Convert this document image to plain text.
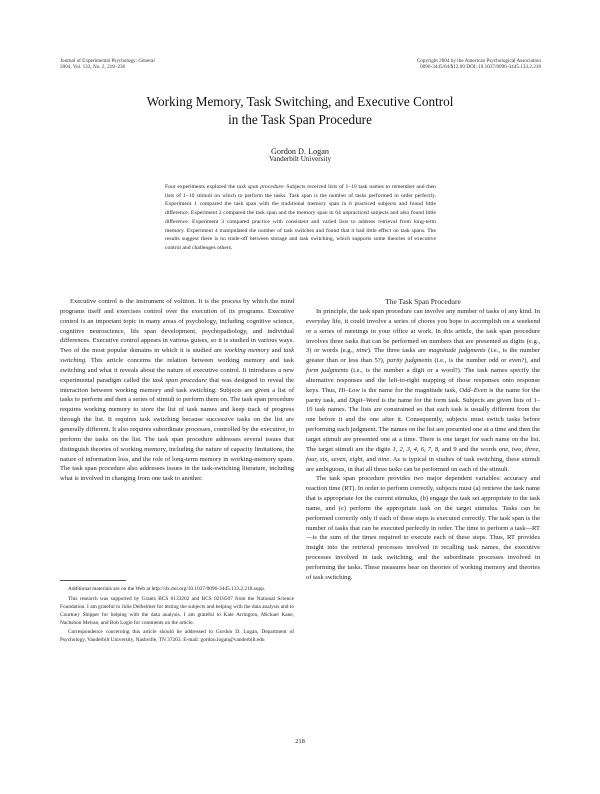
Journal of Experimental Psychology: General
2004, Vol. 133, No. 2, 218–236
Copyright 2004 by the American Psychological Association
0096-3445/04/$12.00 DOI: 10.1037/0096-3445.133.2.218
Working Memory, Task Switching, and Executive Control
in the Task Span Procedure
Gordon D. Logan
Vanderbilt University
Four experiments explored the task span procedure: Subjects received lists of 1–10 task names to remember and then lists of 1–10 stimuli on which to perform the tasks. Task span is the number of tasks performed in order perfectly. Experiment 1 compared the task span with the traditional memory span in 6 practiced subjects and found little difference. Experiment 2 compared the task span and the memory span in 64 unpracticed subjects and also found little difference. Experiment 3 compared practice with consistent and varied lists to address retrieval from long-term memory. Experiment 4 manipulated the number of task switches and found that it had little effect on task spans. The results suggest there is no trade-off between storage and task switching, which supports some theories of executive control and challenges others.

Executive control is the instrument of volition. It is the process by which the mind programs itself and exercises control over the execution of its programs. Executive control is an important topic in many areas of psychology, including cognitive science, cognitive neuroscience, life span development, psychopathology, and individual differences. Executive control appears in various guises, so it is studied in various ways. Two of the most popular domains in which it is studied are working memory and task switching. This article concerns the relation between working memory and task switching and what it reveals about the nature of executive control. It introduces a new experimental paradigm called the task span procedure that was designed to reveal the interaction between working memory and task switching: Subjects are given a list of tasks to perform and then a series of stimuli to perform them on. The task span procedure requires working memory to store the list of task names and keep track of progress through the list. It requires task switching because successive tasks on the list are generally different. It also requires subordinate processes, controlled by the executive, to perform the tasks on the list. The task span procedure addresses several issues that distinguish theories of working memory, including the nature of capacity limitations, the nature of information loss, and the role of long-term memory in working-memory spans. The task span procedure also addresses issues in the task-switching literature, including what is involved in changing from one task to another.

Additional materials are on the Web at http://dx.doi.org/10.1037/0096-3445.133.2.218.supp.

This research was supported by Grants BCS 0133202 and BCS 0218507 from the National Science Foundation. I am grateful to Julie Delheimer for testing the subjects and helping with the data analysis and to Courtney Shipper for helping with the data analysis. I am grateful to Kate Arrington, Michael Kane, Nachshon Meiran, and Bob Logie for comments on the article.

Correspondence concerning this article should be addressed to Gordon D. Logan, Department of Psychology, Vanderbilt University, Nashville, TN 37203. E-mail: gordon.logan@vanderbilt.edu

The Task Span Procedure

In principle, the task span procedure can involve any number of tasks of any kind. In everyday life, it could involve a series of chores you hope to accomplish on a weekend or a series of meetings in your office at work. In this article, the task span procedure involves three tasks that can be performed on numbers that are presented as digits (e.g., 3) or words (e.g., nine). The three tasks are magnitude judgments (i.e., is the number greater than or less than 5?), parity judgments (i.e., is the number odd or even?), and form judgments (i.e., is the number a digit or a word?). The task names specify the alternative responses and the left-to-right mapping of those responses onto response keys. Thus, Hi–Low is the name for the magnitude task, Odd–Even is the name for the parity task, and Digit–Word is the name for the form task. Subjects are given lists of 1–10 task names. The lists are constrained so that each task is usually different from the one before it and the one after it. Consequently, subjects must switch tasks before performing each judgment. The names on the list are presented one at a time and then the target stimuli are presented one at a time. There is one target for each name on the list. The target stimuli are the digits 1, 2, 3, 4, 6, 7, 8, and 9 and the words one, two, three, four, six, seven, eight, and nine. As is typical in studies of task switching, these stimuli are ambiguous, in that all three tasks can be performed on each of the stimuli.

The task span procedure provides two major dependent variables: accuracy and reaction time (RT). In order to perform correctly, subjects must (a) retrieve the task name that is appropriate for the current stimulus, (b) engage the task set appropriate to the task name, and (c) perform the appropriate task on the target stimulus. Tasks can be performed correctly only if each of these steps is executed correctly. The task span is the number of tasks that can be executed perfectly in order. The time to perform a task—RT—is the sum of the times required to execute each of these steps. Thus, RT provides insight into the retrieval processes involved in recalling task names, the executive processes involved in task switching, and the subordinate processes involved in performing the tasks. These measures bear on theories of working memory and theories of task switching.

218
